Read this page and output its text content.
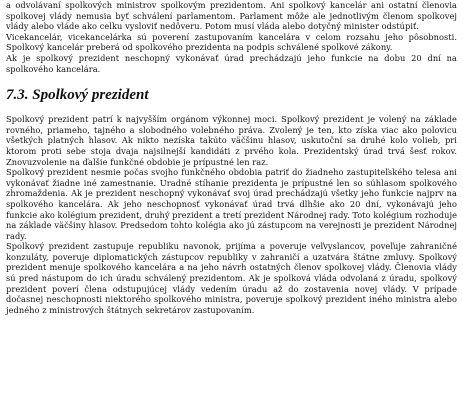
a odvolávaní spolkových ministrov spolkovým prezidentom. Ani spolkový kancelár ani ostatní členovia spolkovej vlády nemusia byť schválení parlamentom. Parlament môže ale jednotlivým členom spolkovej vlády alebo vláde ako celku vysloviť nedôveru. Potom musí vláda alebo dotyčný minister odstúpiť.

Vicekancelár, vicekancelárka sú poverení zastupovaním kancelára v celom rozsahu jeho pôsobnosti. Spolkový kancelár preberá od spolkového prezidenta na podpis schválené spolkové zákony.

Ak je spolkový prezident neschopný vykonávať úrad prechádzajú jeho funkcie na dobu 20 dní na spolkového kancelára.

7.3. Spolkový prezident

Spolkový prezident patrí k najvyšším orgánom výkonnej moci. Spolkový prezident je volený na základe rovného, priameho, tajného a slobodného volebného práva. Zvolený je ten, kto získa viac ako polovicu všetkých platných hlasov. Ak nikto nezíska takúto väčšinu hlasov, uskutoční sa druhé kolo volieb, pri ktorom proti sebe stoja dvaja najsilnejší kandidáti z prvého kola. Prezidentský úrad trvá šesť rokov. Znovuzvolenie na ďalšie funkčné obdobie je prípustné len raz.

Spolkový prezident nesmie počas svojho funkčného obdobia patriť do žiadneho zastupiteľského telesa ani vykonávať žiadne iné zamestnanie. Uradné stíhanie prezidenta je prípustné len so súhlasom spolkového zhromaždenia. Ak je prezident neschopný vykonávať svoj úrad prechádzajú všetky jeho funkcie najprv na spolkového kancelára. Ak jeho neschopnosť vykonávať úrad trvá dlhšie ako 20 dní, vykonávajú jeho funkcie ako kolégium prezident, druhý prezident a tretí prezident Národnej rady. Toto kolégium rozhoduje na základe väčšiny hlasov. Predsedom tohto kolégia ako jú zástupcom na verejnosti je prezident Národnej rady.

Spolkový prezident zastupuje republiku navonok, prijíma a poveruje veľvyslancov, poveľuje zahraničné konzuláty, poveruje diplomatických zástupcov republiky v zahraničí a uzatvára štátne zmluvy. Spolkový prezident menuje spolkového kancelára a na jeho návrh ostatných členov spolkovej vlády. Členovia vlády sú pred nástupom do ich úradu schválený prezidentom. Ak je spolková vláda odvolaná z úradu, spolkový prezident poverí člena odstupujúcej vlády vedením úradu až do zostavenia novej vlády. V prípade dočasnej neschopnosti niektorého spolkového ministra, poveruje spolkový prezident iného ministra alebo jedného z ministrových štátnych sekretárov zastupovaním.
